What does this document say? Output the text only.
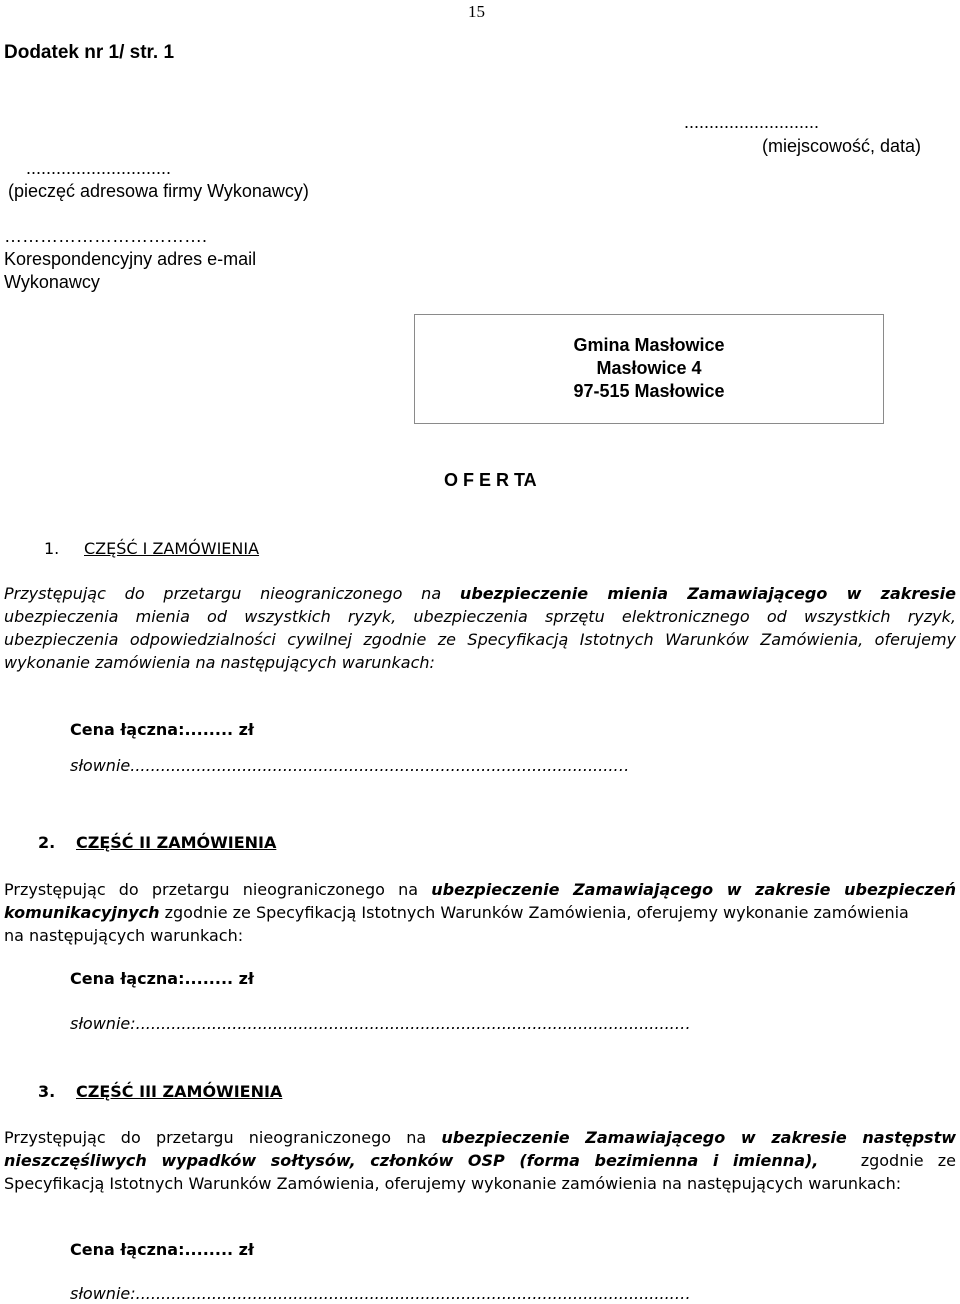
15
Dodatek nr 1/ str. 1
...........................
(miejscowość, data)
.............................
(pieczęć adresowa firmy Wykonawcy)
…………………………….
Korespondencyjny adres e-mail
Wykonawcy
Gmina Masłowice
Masłowice 4
97-515 Masłowice
O F E R TA
1. CZĘŚĆ I ZAMÓWIENIA
Przystępując do przetargu nieograniczonego na ubezpieczenie mienia Zamawiającego w zakresie
ubezpieczenia mienia od wszystkich ryzyk, ubezpieczenia sprzętu elektronicznego od wszystkich ryzyk,
ubezpieczenia odpowiedzialności cywilnej zgodnie ze Specyfikacją Istotnych Warunków Zamówienia, oferujemy
wykonanie zamówienia na następujących warunkach:
Cena łączna:........ zł
słownie...............................................................................................…
2. CZĘŚĆ II ZAMÓWIENIA
Przystępując do przetargu nieograniczonego na ubezpieczenie Zamawiającego w zakresie ubezpieczeń
komunikacyjnych zgodnie ze Specyfikacją Istotnych Warunków Zamówienia, oferujemy wykonanie zamówienia
na następujących warunkach:
Cena łączna:........ zł
słownie:..........................................................................................................…
3. CZĘŚĆ III ZAMÓWIENIA
Przystępując do przetargu nieograniczonego na ubezpieczenie Zamawiającego w zakresie następstw
nieszczęśliwych wypadków sołtysów, członków OSP (forma bezimienna i imienna),	zgodnie ze
Specyfikacją Istotnych Warunków Zamówienia, oferujemy wykonanie zamówienia na następujących warunkach:
Cena łączna:........ zł
słownie:..........................................................................................................…
